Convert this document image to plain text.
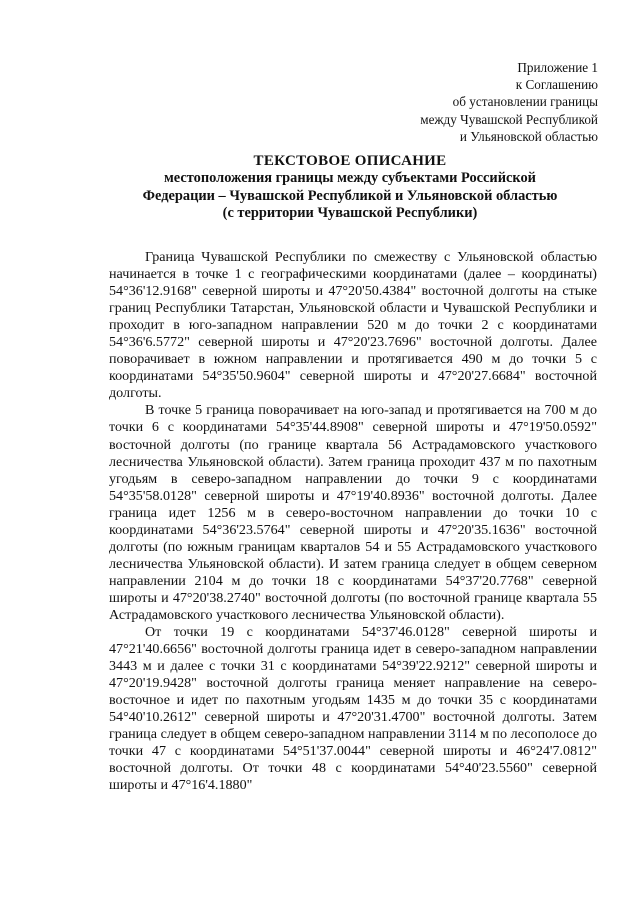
Приложение 1
к Соглашению
об установлении границы
между Чувашской Республикой
и Ульяновской областью
ТЕКСТОВОЕ ОПИСАНИЕ
местоположения границы между субъектами Российской
Федерации – Чувашской Республикой и Ульяновской областью
(с территории Чувашской Республики)

Граница Чувашской Республики по смежеству с Ульяновской областью начинается в точке 1 с географическими координатами (далее – координаты) 54°36'12.9168" северной широты и 47°20'50.4384" восточной долготы на стыке границ Республики Татарстан, Ульяновской области и Чувашской Республики и проходит в юго-западном направлении 520 м до точки 2 с координатами 54°36'6.5772" северной широты и 47°20'23.7696" восточной долготы. Далее поворачивает в южном направлении и протягивается 490 м до точки 5 с координатами 54°35'50.9604" северной широты и 47°20'27.6684" восточной долготы.

В точке 5 граница поворачивает на юго-запад и протягивается на 700 м до точки 6 с координатами 54°35'44.8908" северной широты и 47°19'50.0592" восточной долготы (по границе квартала 56 Астрадамовского участкового лесничества Ульяновской области). Затем граница проходит 437 м по пахотным угодьям в северо-западном направлении до точки 9 с координатами 54°35'58.0128" северной широты и 47°19'40.8936" восточной долготы. Далее граница идет 1256 м в северо-восточном направлении до точки 10 с координатами 54°36'23.5764" северной широты и 47°20'35.1636" восточной долготы (по южным границам кварталов 54 и 55 Астрадамовского участкового лесничества Ульяновской области). И затем граница следует в общем северном направлении 2104 м до точки 18 с координатами 54°37'20.7768" северной широты и 47°20'38.2740" восточной долготы (по восточной границе квартала 55 Астрадамовского участкового лесничества Ульяновской области).

От точки 19 с координатами 54°37'46.0128" северной широты и 47°21'40.6656" восточной долготы граница идет в северо-западном направлении 3443 м и далее с точки 31 с координатами 54°39'22.9212" северной широты и 47°20'19.9428" восточной долготы граница меняет направление на северо-восточное и идет по пахотным угодьям 1435 м до точки 35 с координатами 54°40'10.2612" северной широты и 47°20'31.4700" восточной долготы. Затем граница следует в общем северо-западном направлении 3114 м по лесополосе до точки 47 с координатами 54°51'37.0044" северной широты и 46°24'7.0812" восточной долготы. От точки 48 с координатами 54°40'23.5560" северной широты и 47°16'4.1880"
